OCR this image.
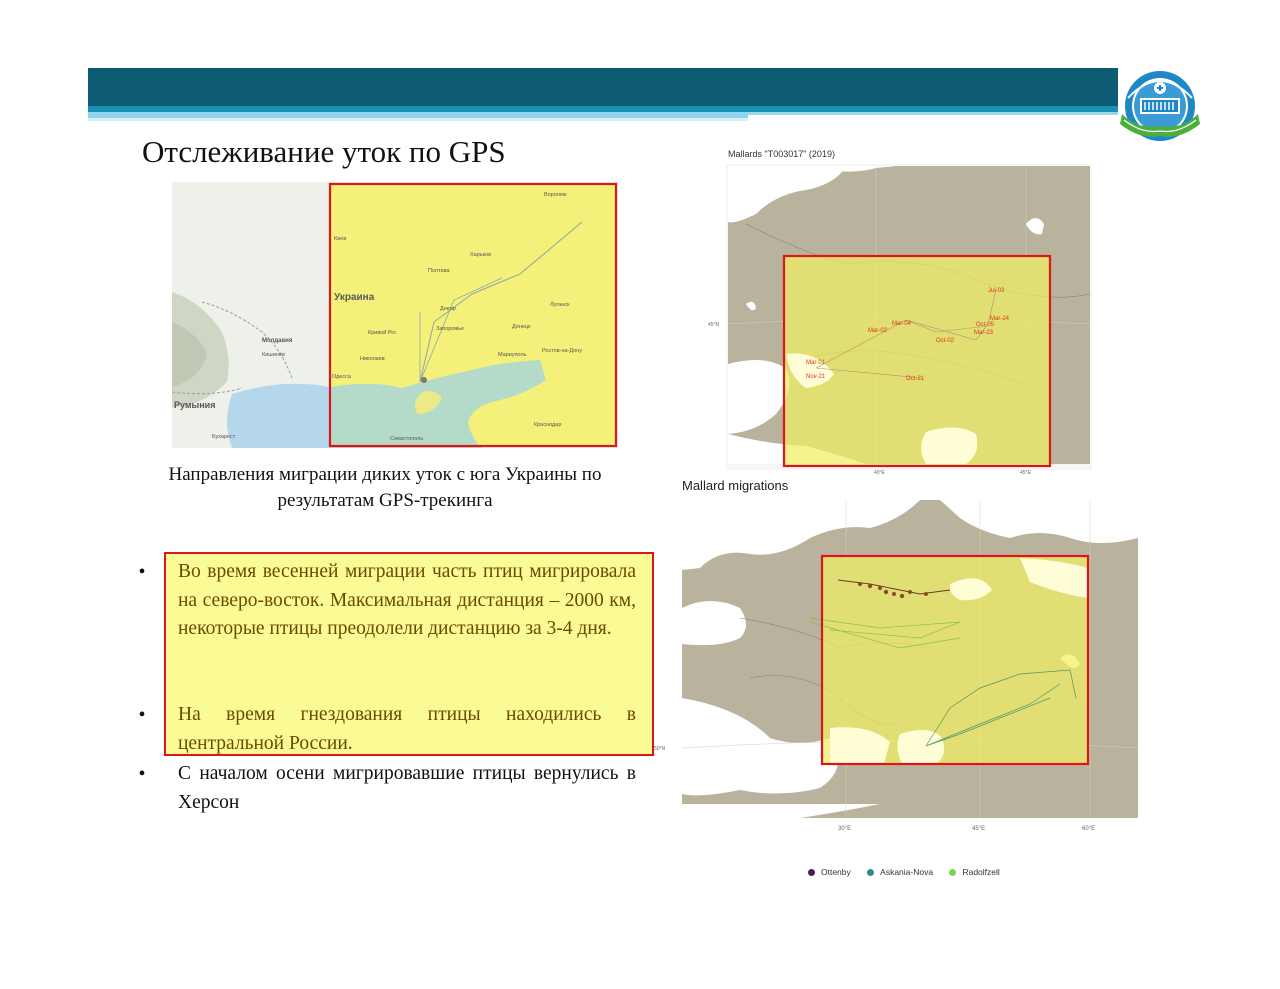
Отслеживание уток по GPS
Украина
Молдавия
Румыния
Харьков
Полтава
Днепр
Запорожье	Донецк
Луганск
Кривой Рог
Николаев
Одесса
Мариуполь
Ростов-на-Дону
Киев
Кишинёв
Бухарест	Севастополь
Краснодар
Воронеж
Направления миграции диких уток с юга Украины по результатам GPS-трекинга
•	Во время весенней миграции часть птиц мигрировала на северо-восток. Максимальная дистанция – 2000 км, некоторые птицы преодолели дистанцию за 3-4 дня.
•	На время гнездования птицы находились в центральной России.
•	С началом осени мигрировавшие птицы вернулись в Херсон
Mallards "T003017" (2019)
Jul-03
Mar-24
Mar-04
Mar-02
Oct-05
Mar-23
Oct-02
Oct-21
Mar-01
Nov-21
45°N
40°E	45°E
Mallard migrations
50°N
30°E	45°E	60°E
Ottenby	Askania-Nova	Radolfzell
